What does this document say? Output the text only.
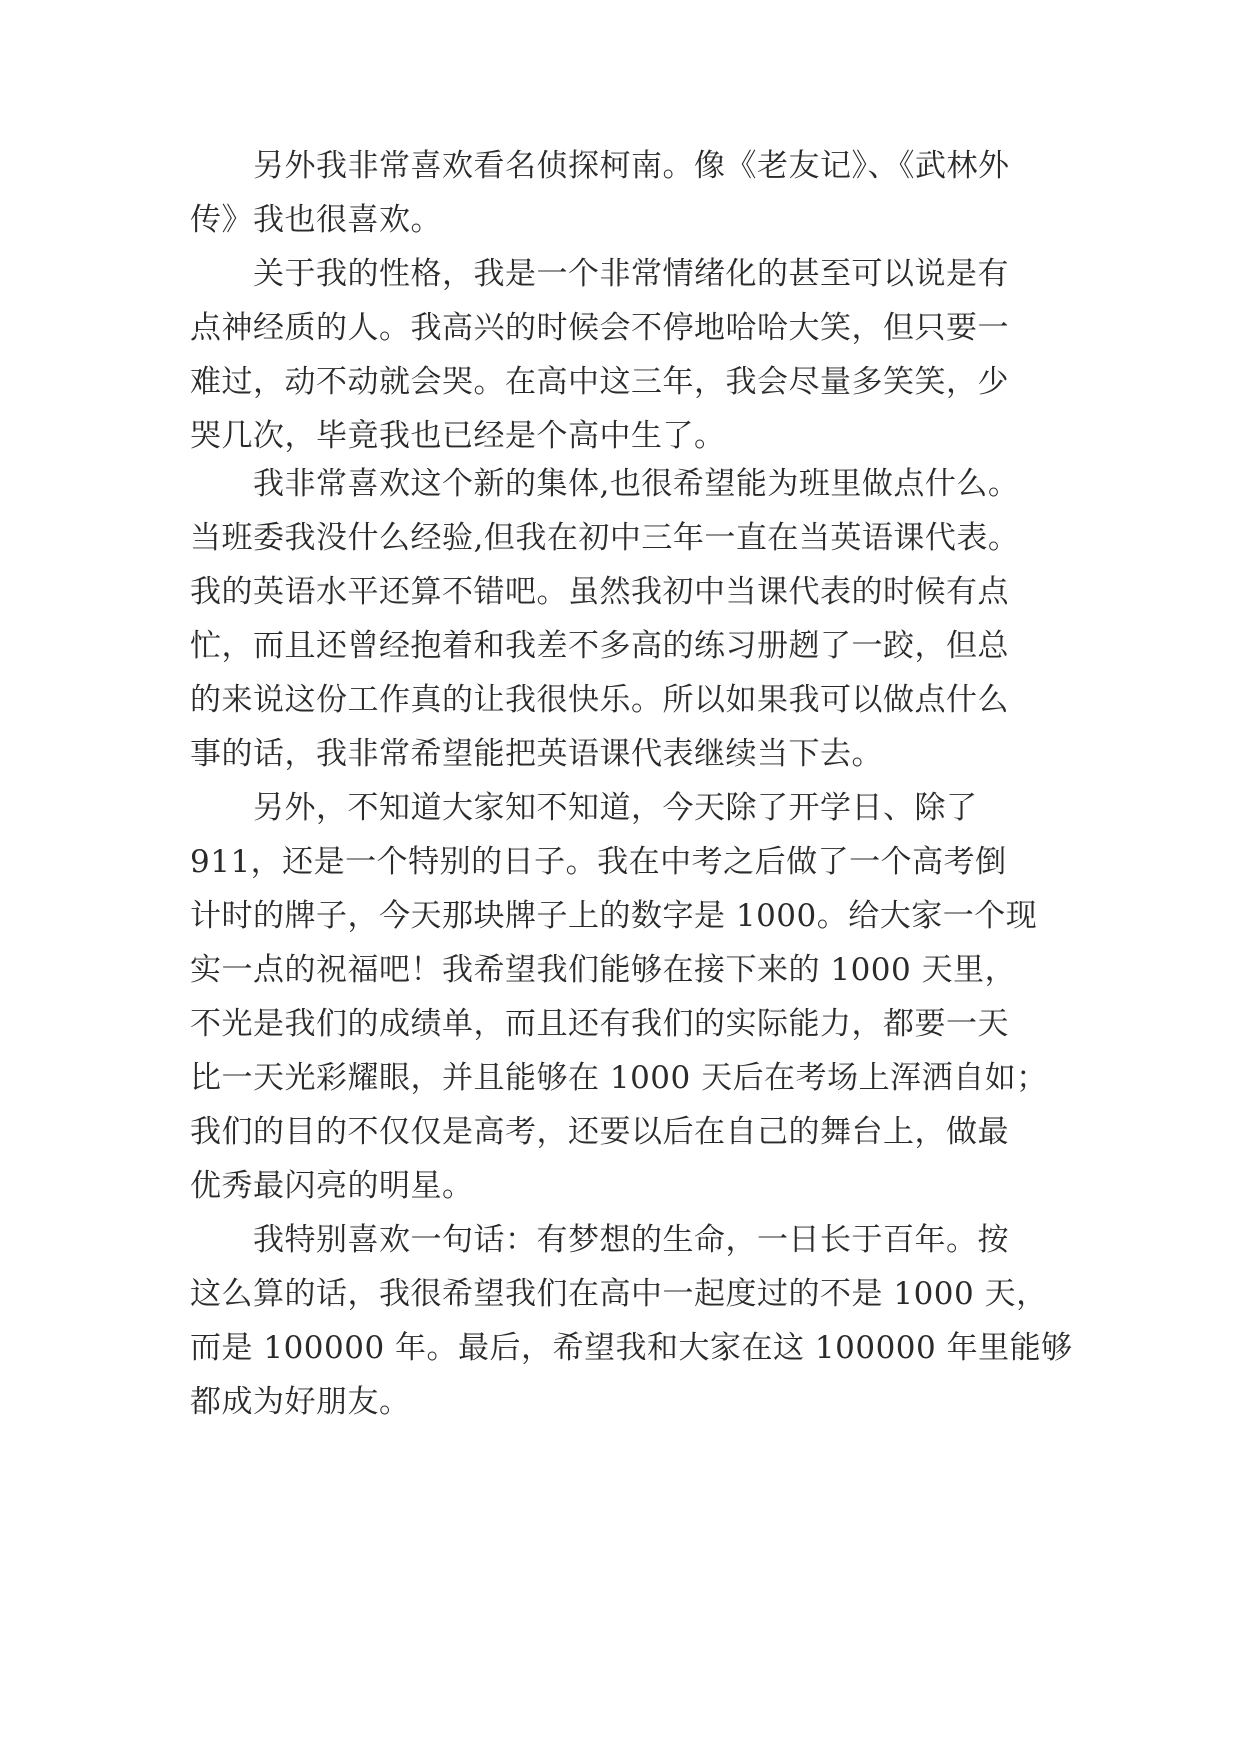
另外我非常喜欢看名侦探柯南。像《老友记》、《武林外
传》我也很喜欢。
关于我的性格，我是一个非常情绪化的甚至可以说是有
点神经质的人。我高兴的时候会不停地哈哈大笑，但只要一
难过，动不动就会哭。在高中这三年，我会尽量多笑笑，少
哭几次，毕竟我也已经是个高中生了。
我非常喜欢这个新的集体,也很希望能为班里做点什么。
当班委我没什么经验,但我在初中三年一直在当英语课代表。
我的英语水平还算不错吧。虽然我初中当课代表的时候有点
忙，而且还曾经抱着和我差不多高的练习册趔了一跤，但总
的来说这份工作真的让我很快乐。所以如果我可以做点什么
事的话，我非常希望能把英语课代表继续当下去。
另外，不知道大家知不知道，今天除了开学日、除了
911，还是一个特别的日子。我在中考之后做了一个高考倒
计时的牌子，今天那块牌子上的数字是 1000。给大家一个现
实一点的祝福吧！我希望我们能够在接下来的 1000 天里，
不光是我们的成绩单，而且还有我们的实际能力，都要一天
比一天光彩耀眼，并且能够在 1000 天后在考场上浑洒自如；
我们的目的不仅仅是高考，还要以后在自己的舞台上，做最
优秀最闪亮的明星。
我特别喜欢一句话：有梦想的生命，一日长于百年。按
这么算的话，我很希望我们在高中一起度过的不是 1000 天，
而是 100000 年。最后，希望我和大家在这 100000 年里能够
都成为好朋友。
